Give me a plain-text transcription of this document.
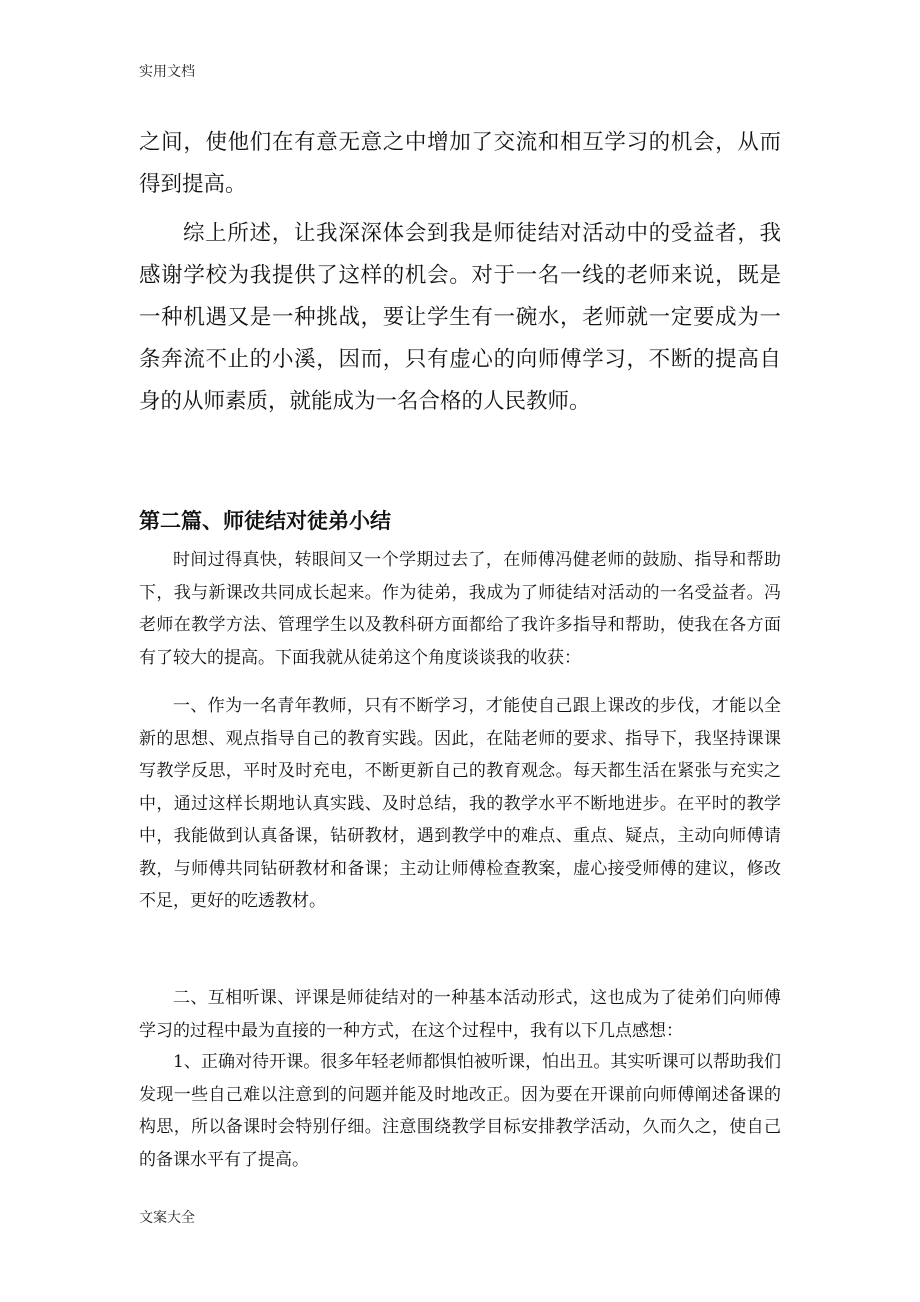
实用文档

之间，使他们在有意无意之中增加了交流和相互学习的机会，从而得到提高。

综上所述，让我深深体会到我是师徒结对活动中的受益者，我感谢学校为我提供了这样的机会。对于一名一线的老师来说，既是一种机遇又是一种挑战，要让学生有一碗水，老师就一定要成为一条奔流不止的小溪，因而，只有虚心的向师傅学习，不断的提高自身的从师素质，就能成为一名合格的人民教师。

第二篇、师徒结对徒弟小结

时间过得真快，转眼间又一个学期过去了，在师傅冯健老师的鼓励、指导和帮助下，我与新课改共同成长起来。作为徒弟，我成为了师徒结对活动的一名受益者。冯老师在教学方法、管理学生以及教科研方面都给了我许多指导和帮助，使我在各方面有了较大的提高。下面我就从徒弟这个角度谈谈我的收获：

一、作为一名青年教师，只有不断学习，才能使自己跟上课改的步伐，才能以全新的思想、观点指导自己的教育实践。因此，在陆老师的要求、指导下，我坚持课课写教学反思，平时及时充电，不断更新自己的教育观念。每天都生活在紧张与充实之中，通过这样长期地认真实践、及时总结，我的教学水平不断地进步。在平时的教学中，我能做到认真备课，钻研教材，遇到教学中的难点、重点、疑点，主动向师傅请教，与师傅共同钻研教材和备课；主动让师傅检查教案，虚心接受师傅的建议，修改不足，更好的吃透教材。

二、互相听课、评课是师徒结对的一种基本活动形式，这也成为了徒弟们向师傅学习的过程中最为直接的一种方式，在这个过程中，我有以下几点感想：

1、正确对待开课。很多年轻老师都惧怕被听课，怕出丑。其实听课可以帮助我们发现一些自己难以注意到的问题并能及时地改正。因为要在开课前向师傅阐述备课的构思，所以备课时会特别仔细。注意围绕教学目标安排教学活动，久而久之，使自己的备课水平有了提高。

文案大全
